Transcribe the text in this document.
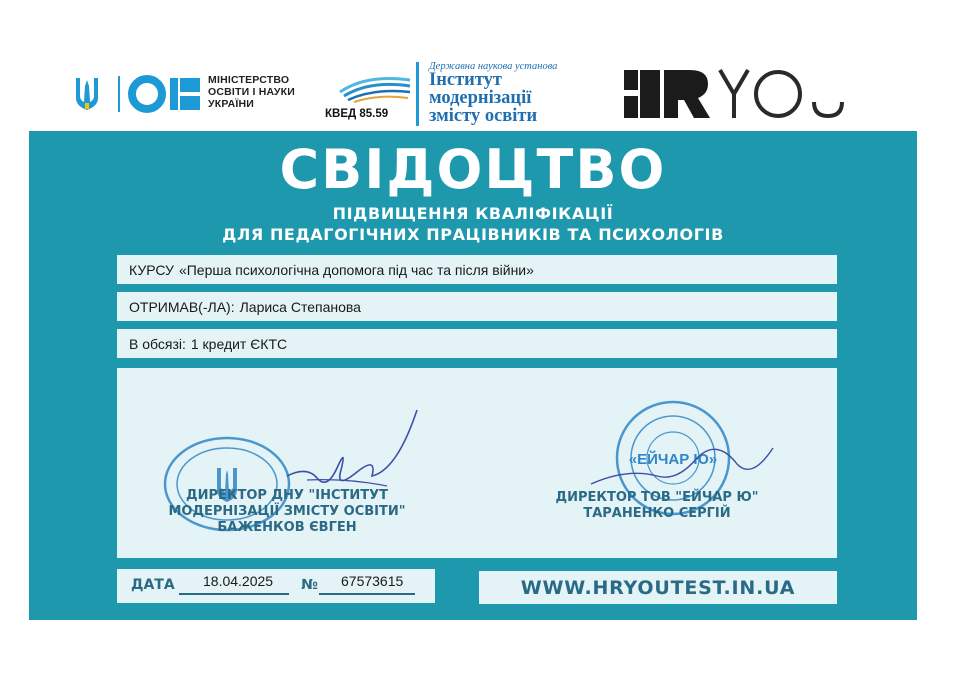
МІНІСТЕРСТВО
ОСВІТИ І НАУКИ
УКРАЇНИ
КВЕД 85.59
Державна наукова установа
Інститут
модернізації
змісту освіти
СВІДОЦТВО
ПІДВИЩЕННЯ КВАЛІФІКАЦІЇ
ДЛЯ ПЕДАГОГІЧНИХ ПРАЦІВНИКІВ ТА ПСИХОЛОГІВ
КУРСУ «Перша психологічна допомога під час та після війни»
ОТРИМАВ(-ЛА): Лариса Степанова
В обсязі: 1 кредит ЄКТС
«ЕЙЧАР Ю»
ДИРЕКТОР ДНУ "ІНСТИТУТ
МОДЕРНІЗАЦІЇ ЗМІСТУ ОСВІТИ"
БАЖЕНКОВ ЄВГЕН
ДИРЕКТОР ТОВ "ЕЙЧАР Ю"
ТАРАНЕНКО СЕРГІЙ
ДАТА 18.04.2025 № 67573615	WWW.HRYOUTEST.IN.UA
